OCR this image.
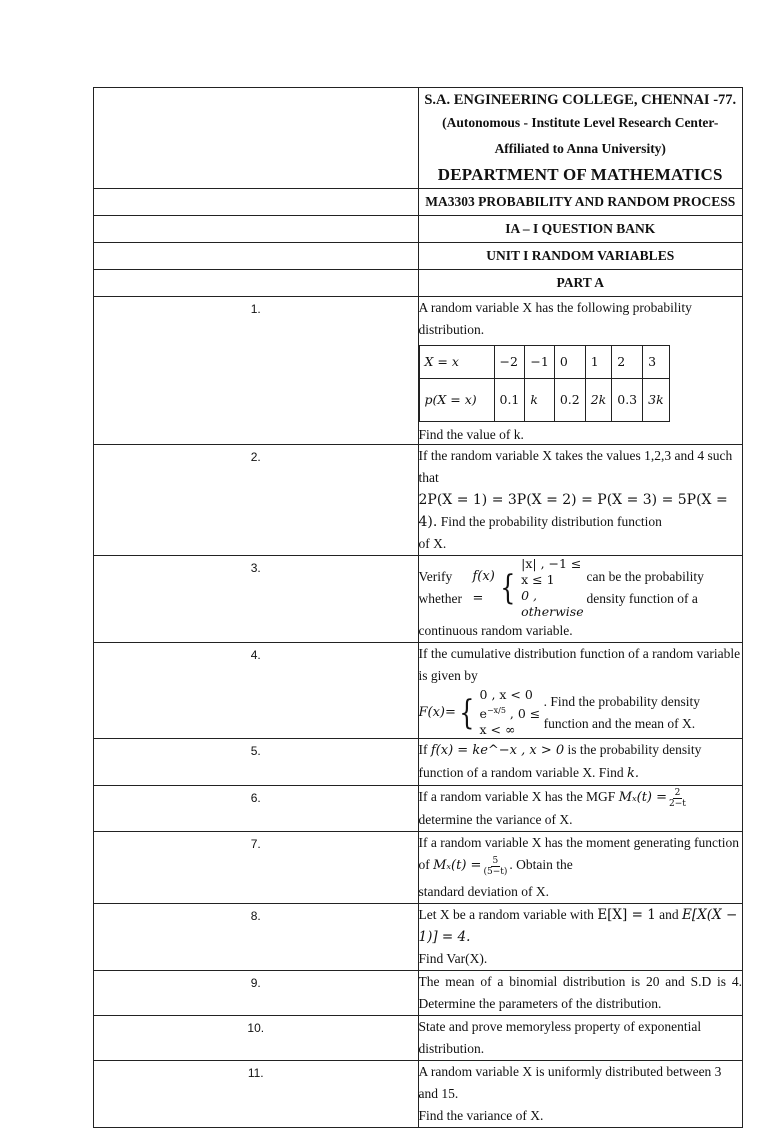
S.A. ENGINEERING COLLEGE, CHENNAI -77.
(Autonomous - Institute Level Research Center-Affiliated to Anna University)
DEPARTMENT OF MATHEMATICS

	MA3303 PROBABILITY AND RANDOM PROCESS
	IA – I QUESTION BANK
	UNIT I RANDOM VARIABLES
	PART A
1.	A random variable X has the following probability distribution.
X = x	−2	−1	0	1	2	3
p(X = x)	0.1	k	0.2	2k	0.3	3k
Find the value of k.

2.	If the random variable X takes the values 1,2,3 and 4 such that
2P(X = 1) = 3P(X = 2) = P(X = 3) = 5P(X = 4). Find the probability distribution function
of X.

3.	
Verify whether
f(x) = {
|x| , −1 ≤ x ≤ 1
0 , otherwise
can be the probability density function of a
continuous random variable.

4.	If the cumulative distribution function of a random variable is given by
F(x)= { 0 , x < 0
$e^{-x/5}$ , 0 ≤ x < ∞
. Find the probability density function and the mean of X.

5.	If f(x) = ke^−x , x > 0 is the probability density function of a random variable X. Find k.
6.	If a random variable X has the MGF $M_x(t) = \frac{2}{2-t}$
determine the variance of X.
7.	If a random variable X has the moment generating function of $M_x(t) = \frac{5}{(5-t)}$ . Obtain the
standard deviation of X.

8.	Let X be a random variable with E[X] = 1 and E[X(X − 1)] = 4.
Find Var(X).

9.	The mean of a binomial distribution is 20 and S.D is 4. Determine the parameters of the distribution.
10.	State and prove memoryless property of exponential distribution.
11.	A random variable X is uniformly distributed between 3 and 15.
Find the variance of X.
